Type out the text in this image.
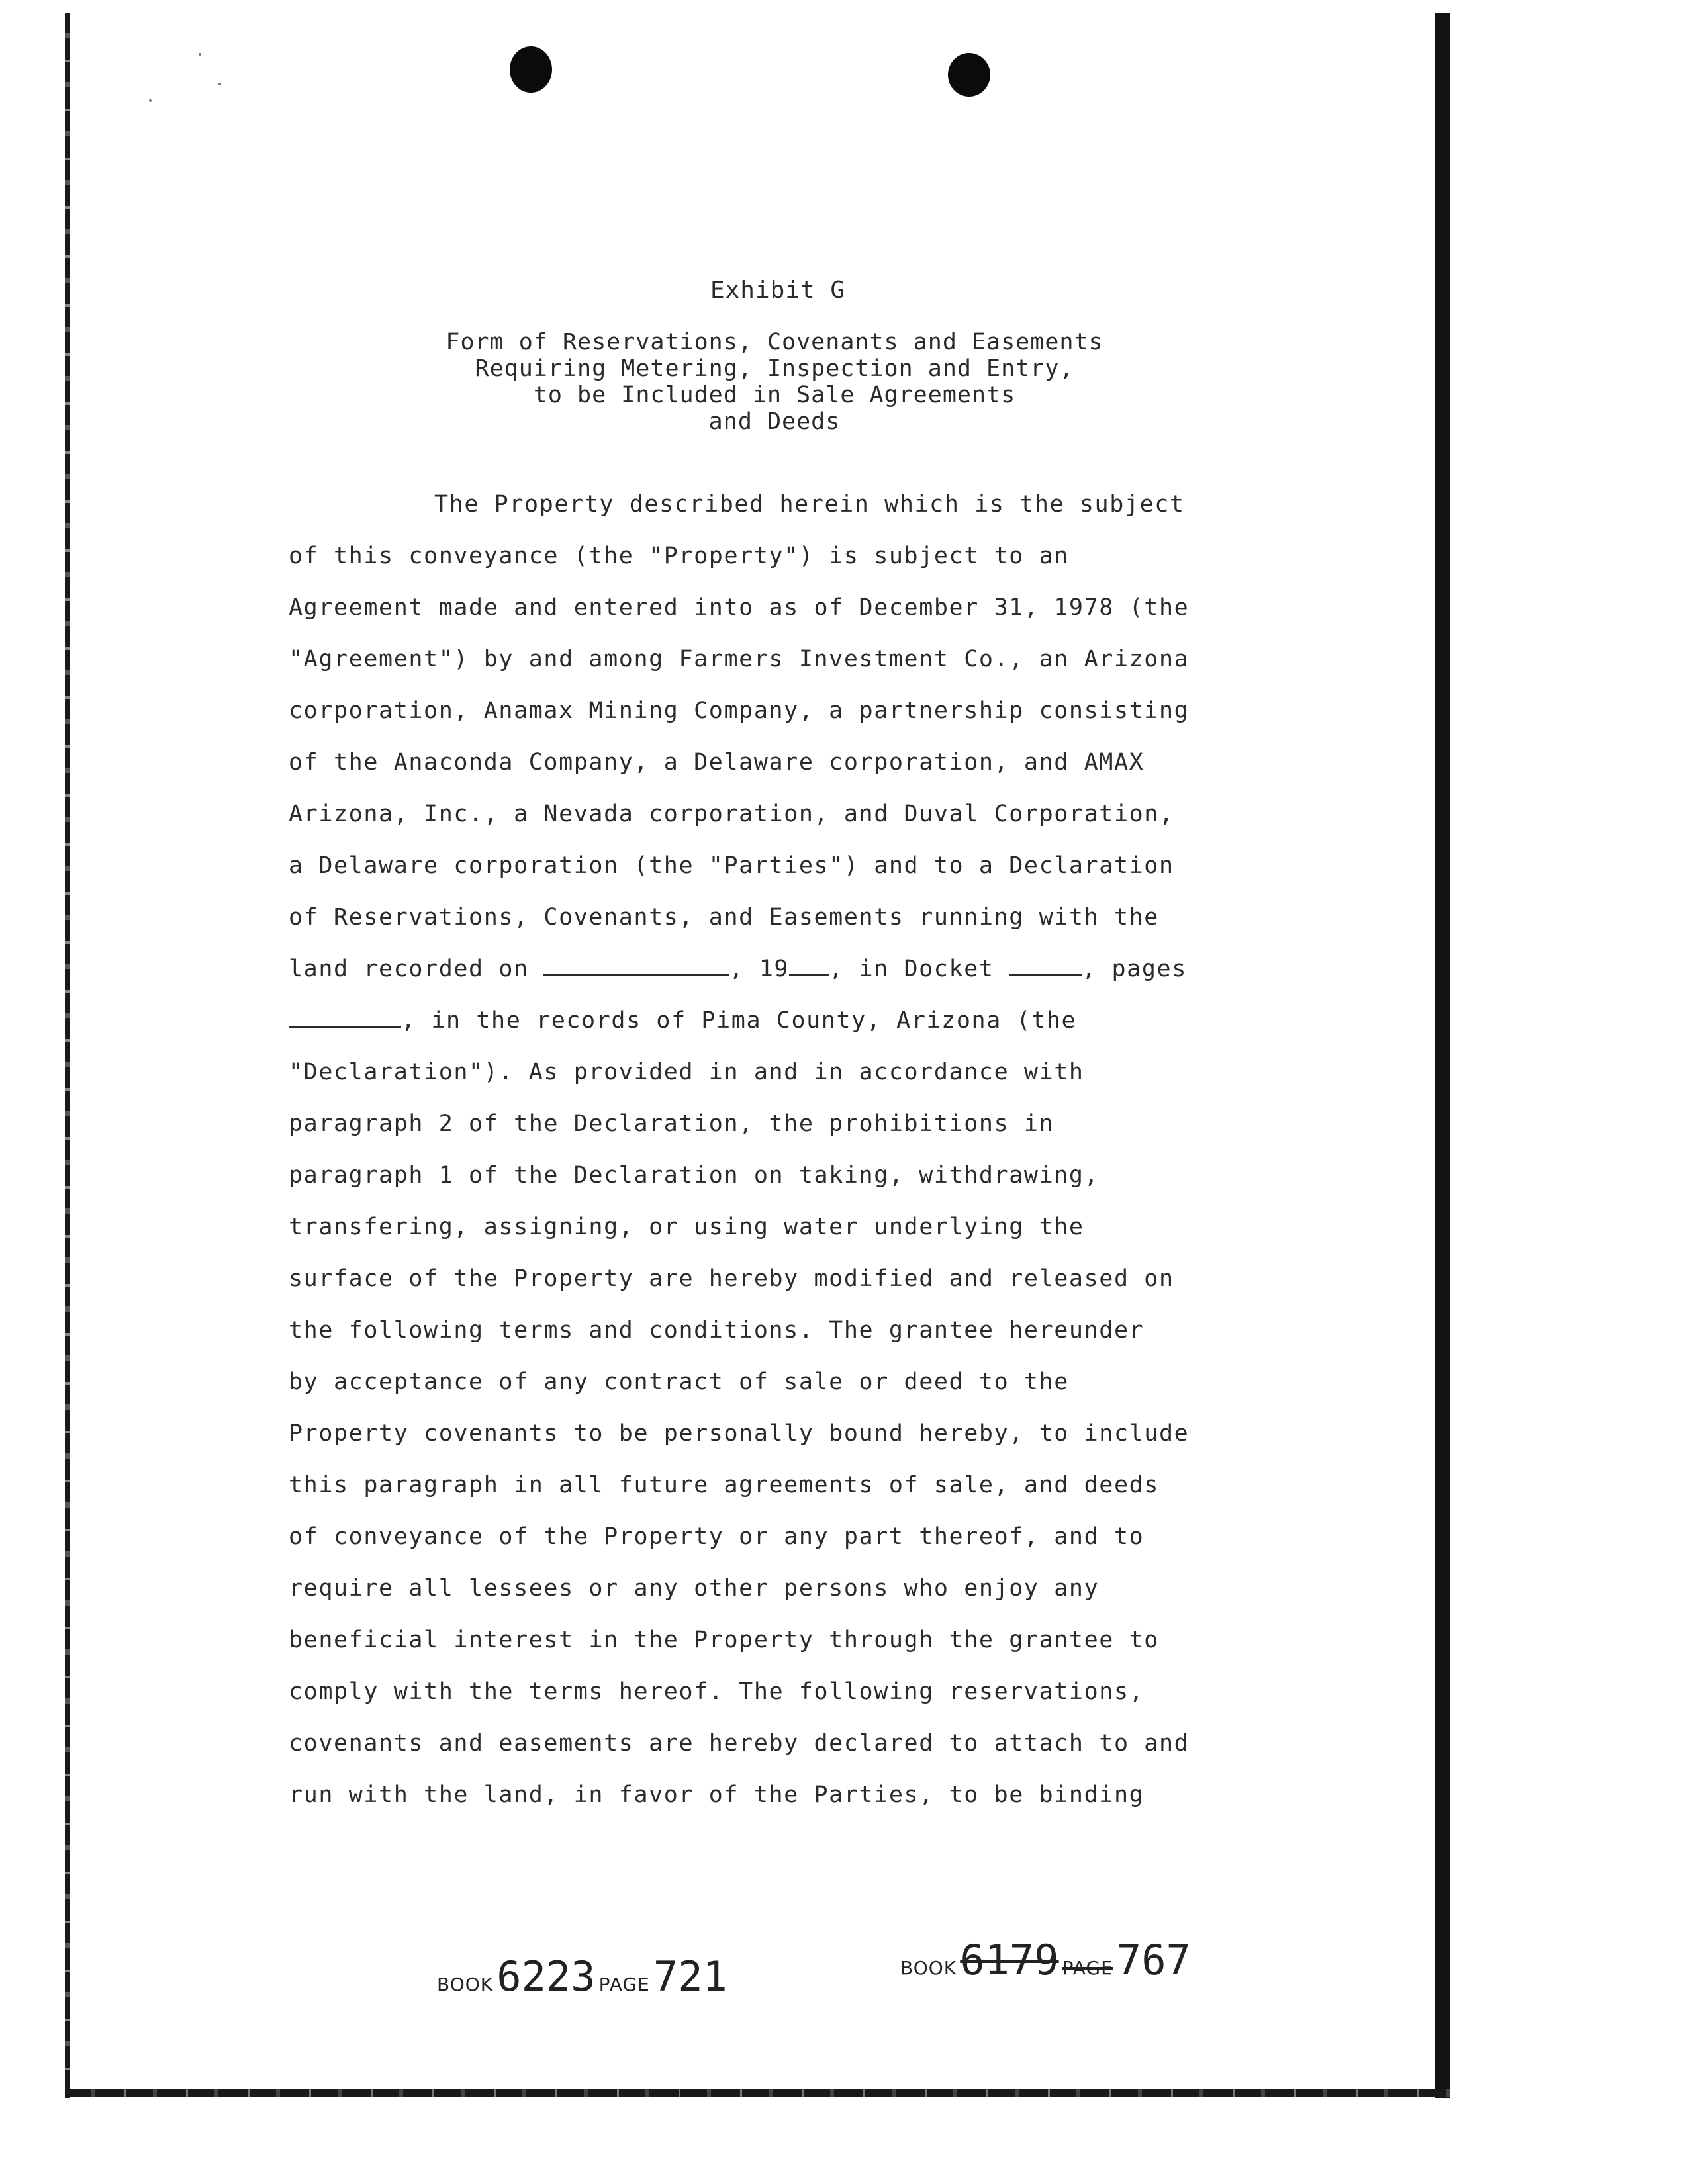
Exhibit G
Form of Reservations, Covenants and Easements
Requiring Metering, Inspection and Entry,
to be Included in Sale Agreements
and Deeds
The Property described herein which is the subject
of this conveyance (the "Property") is subject to an
Agreement made and entered into as of December 31, 1978 (the
"Agreement") by and among Farmers Investment Co., an Arizona
corporation, Anamax Mining Company, a partnership consisting
of the Anaconda Company, a Delaware corporation, and AMAX
Arizona, Inc., a Nevada corporation, and Duval Corporation,
a Delaware corporation (the "Parties") and to a Declaration
of Reservations, Covenants, and Easements running with the
land recorded on	, 19 , in Docket	, pages
, in the records of Pima County, Arizona (the
"Declaration"). As provided in and in accordance with
paragraph 2 of the Declaration, the prohibitions in
paragraph 1 of the Declaration on taking, withdrawing,
transfering, assigning, or using water underlying the
surface of the Property are hereby modified and released on
the following terms and conditions. The grantee hereunder
by acceptance of any contract of sale or deed to the
Property covenants to be personally bound hereby, to include
this paragraph in all future agreements of sale, and deeds
of conveyance of the Property or any part thereof, and to
require all lessees or any other persons who enjoy any
beneficial interest in the Property through the grantee to
comply with the terms hereof. The following reservations,
covenants and easements are hereby declared to attach to and
run with the land, in favor of the Parties, to be binding
BOOK 6223 PAGE 721	BOOK 6179 PAGE 767
